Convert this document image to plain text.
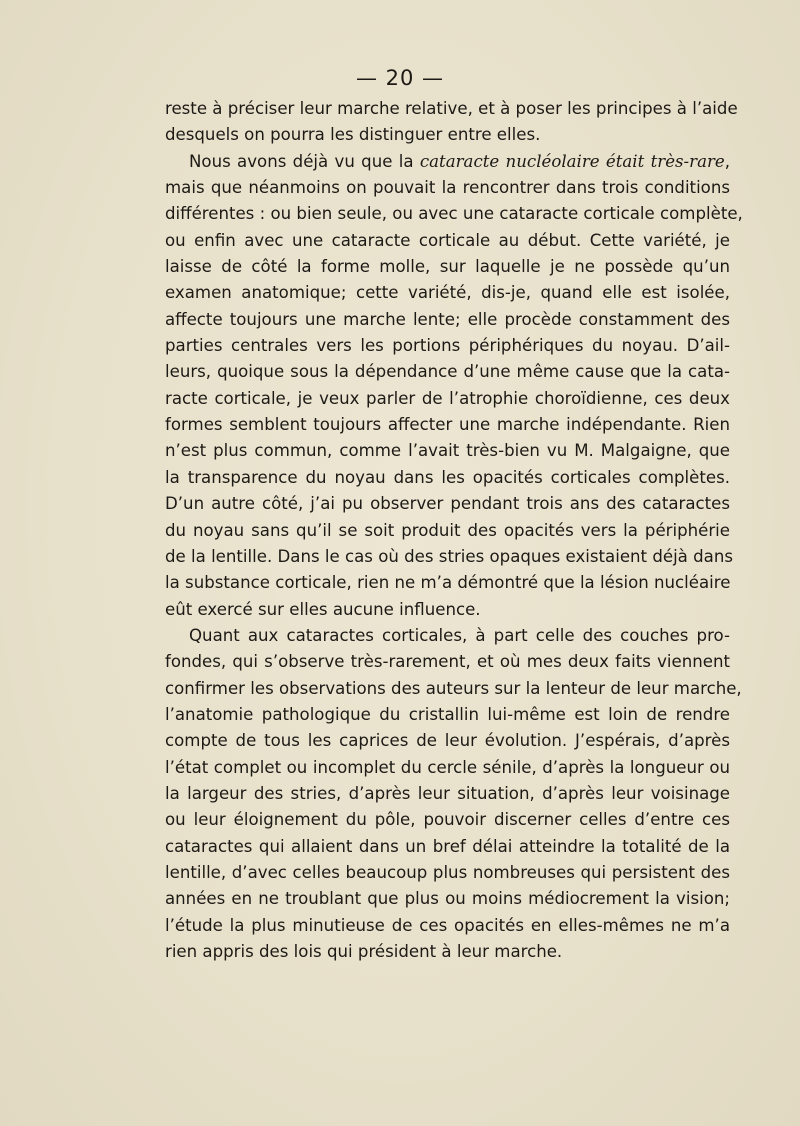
— 20 —
reste à préciser leur marche relative, et à poser les principes à l’aide
desquels on pourra les distinguer entre elles.
Nous avons déjà vu que la cataracte nucléolaire était très-rare,
mais que néanmoins on pouvait la rencontrer dans trois conditions
différentes : ou bien seule, ou avec une cataracte corticale complète,
ou enfin avec une cataracte corticale au début. Cette variété, je
laisse de côté la forme molle, sur laquelle je ne possède qu’un
examen anatomique; cette variété, dis-je, quand elle est isolée,
affecte toujours une marche lente; elle procède constamment des
parties centrales vers les portions périphériques du noyau. D’ail-
leurs, quoique sous la dépendance d’une même cause que la cata-
racte corticale, je veux parler de l’atrophie choroïdienne, ces deux
formes semblent toujours affecter une marche indépendante. Rien
n’est plus commun, comme l’avait très-bien vu M. Malgaigne, que
la transparence du noyau dans les opacités corticales complètes.
D’un autre côté, j’ai pu observer pendant trois ans des cataractes
du noyau sans qu’il se soit produit des opacités vers la périphérie
de la lentille. Dans le cas où des stries opaques existaient déjà dans
la substance corticale, rien ne m’a démontré que la lésion nucléaire
eût exercé sur elles aucune influence.
Quant aux cataractes corticales, à part celle des couches pro-
fondes, qui s’observe très-rarement, et où mes deux faits viennent
confirmer les observations des auteurs sur la lenteur de leur marche,
l’anatomie pathologique du cristallin lui-même est loin de rendre
compte de tous les caprices de leur évolution. J’espérais, d’après
l’état complet ou incomplet du cercle sénile, d’après la longueur ou
la largeur des stries, d’après leur situation, d’après leur voisinage
ou leur éloignement du pôle, pouvoir discerner celles d’entre ces
cataractes qui allaient dans un bref délai atteindre la totalité de la
lentille, d’avec celles beaucoup plus nombreuses qui persistent des
années en ne troublant que plus ou moins médiocrement la vision;
l’étude la plus minutieuse de ces opacités en elles-mêmes ne m’a
rien appris des lois qui président à leur marche.
